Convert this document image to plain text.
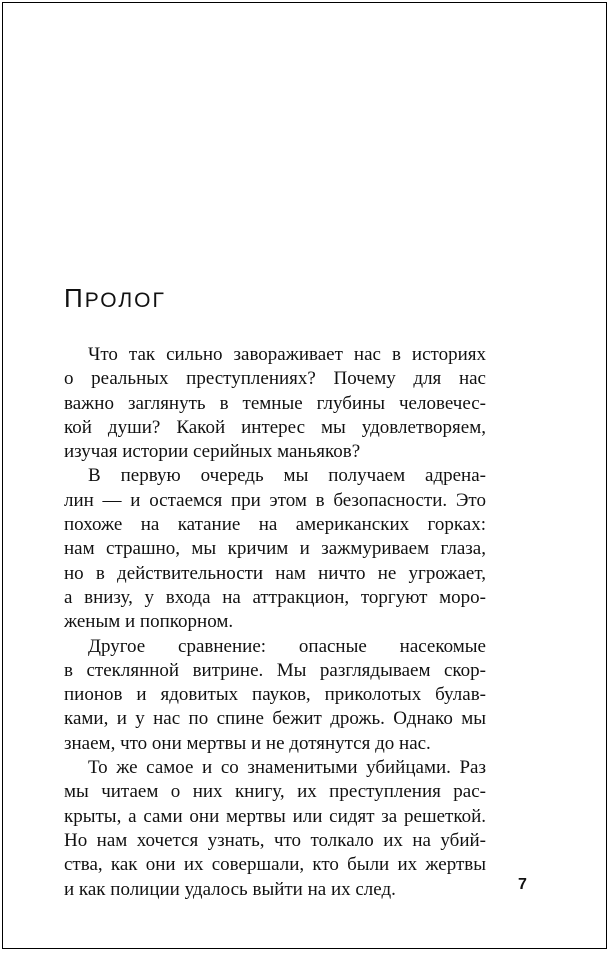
ПРОЛОГ
Что так сильно завораживает нас в историях
о реальных преступлениях? Почему для нас
важно заглянуть в темные глубины человечес-
кой души? Какой интерес мы удовлетворяем,
изучая истории серийных маньяков?
В первую очередь мы получаем адрена-
лин — и остаемся при этом в безопасности. Это
похоже на катание на американских горках:
нам страшно, мы кричим и зажмуриваем глаза,
но в действительности нам ничто не угрожает,
а внизу, у входа на аттракцион, торгуют моро-
женым и попкорном.
Другое сравнение: опасные насекомые
в стеклянной витрине. Мы разглядываем скор-
пионов и ядовитых пауков, приколотых булав-
ками, и у нас по спине бежит дрожь. Однако мы
знаем, что они мертвы и не дотянутся до нас.
То же самое и со знаменитыми убийцами. Раз
мы читаем о них книгу, их преступления рас-
крыты, а сами они мертвы или сидят за решеткой.
Но нам хочется узнать, что толкало их на убий-
ства, как они их совершали, кто были их жертвы
и как полиции удалось выйти на их след.	7
